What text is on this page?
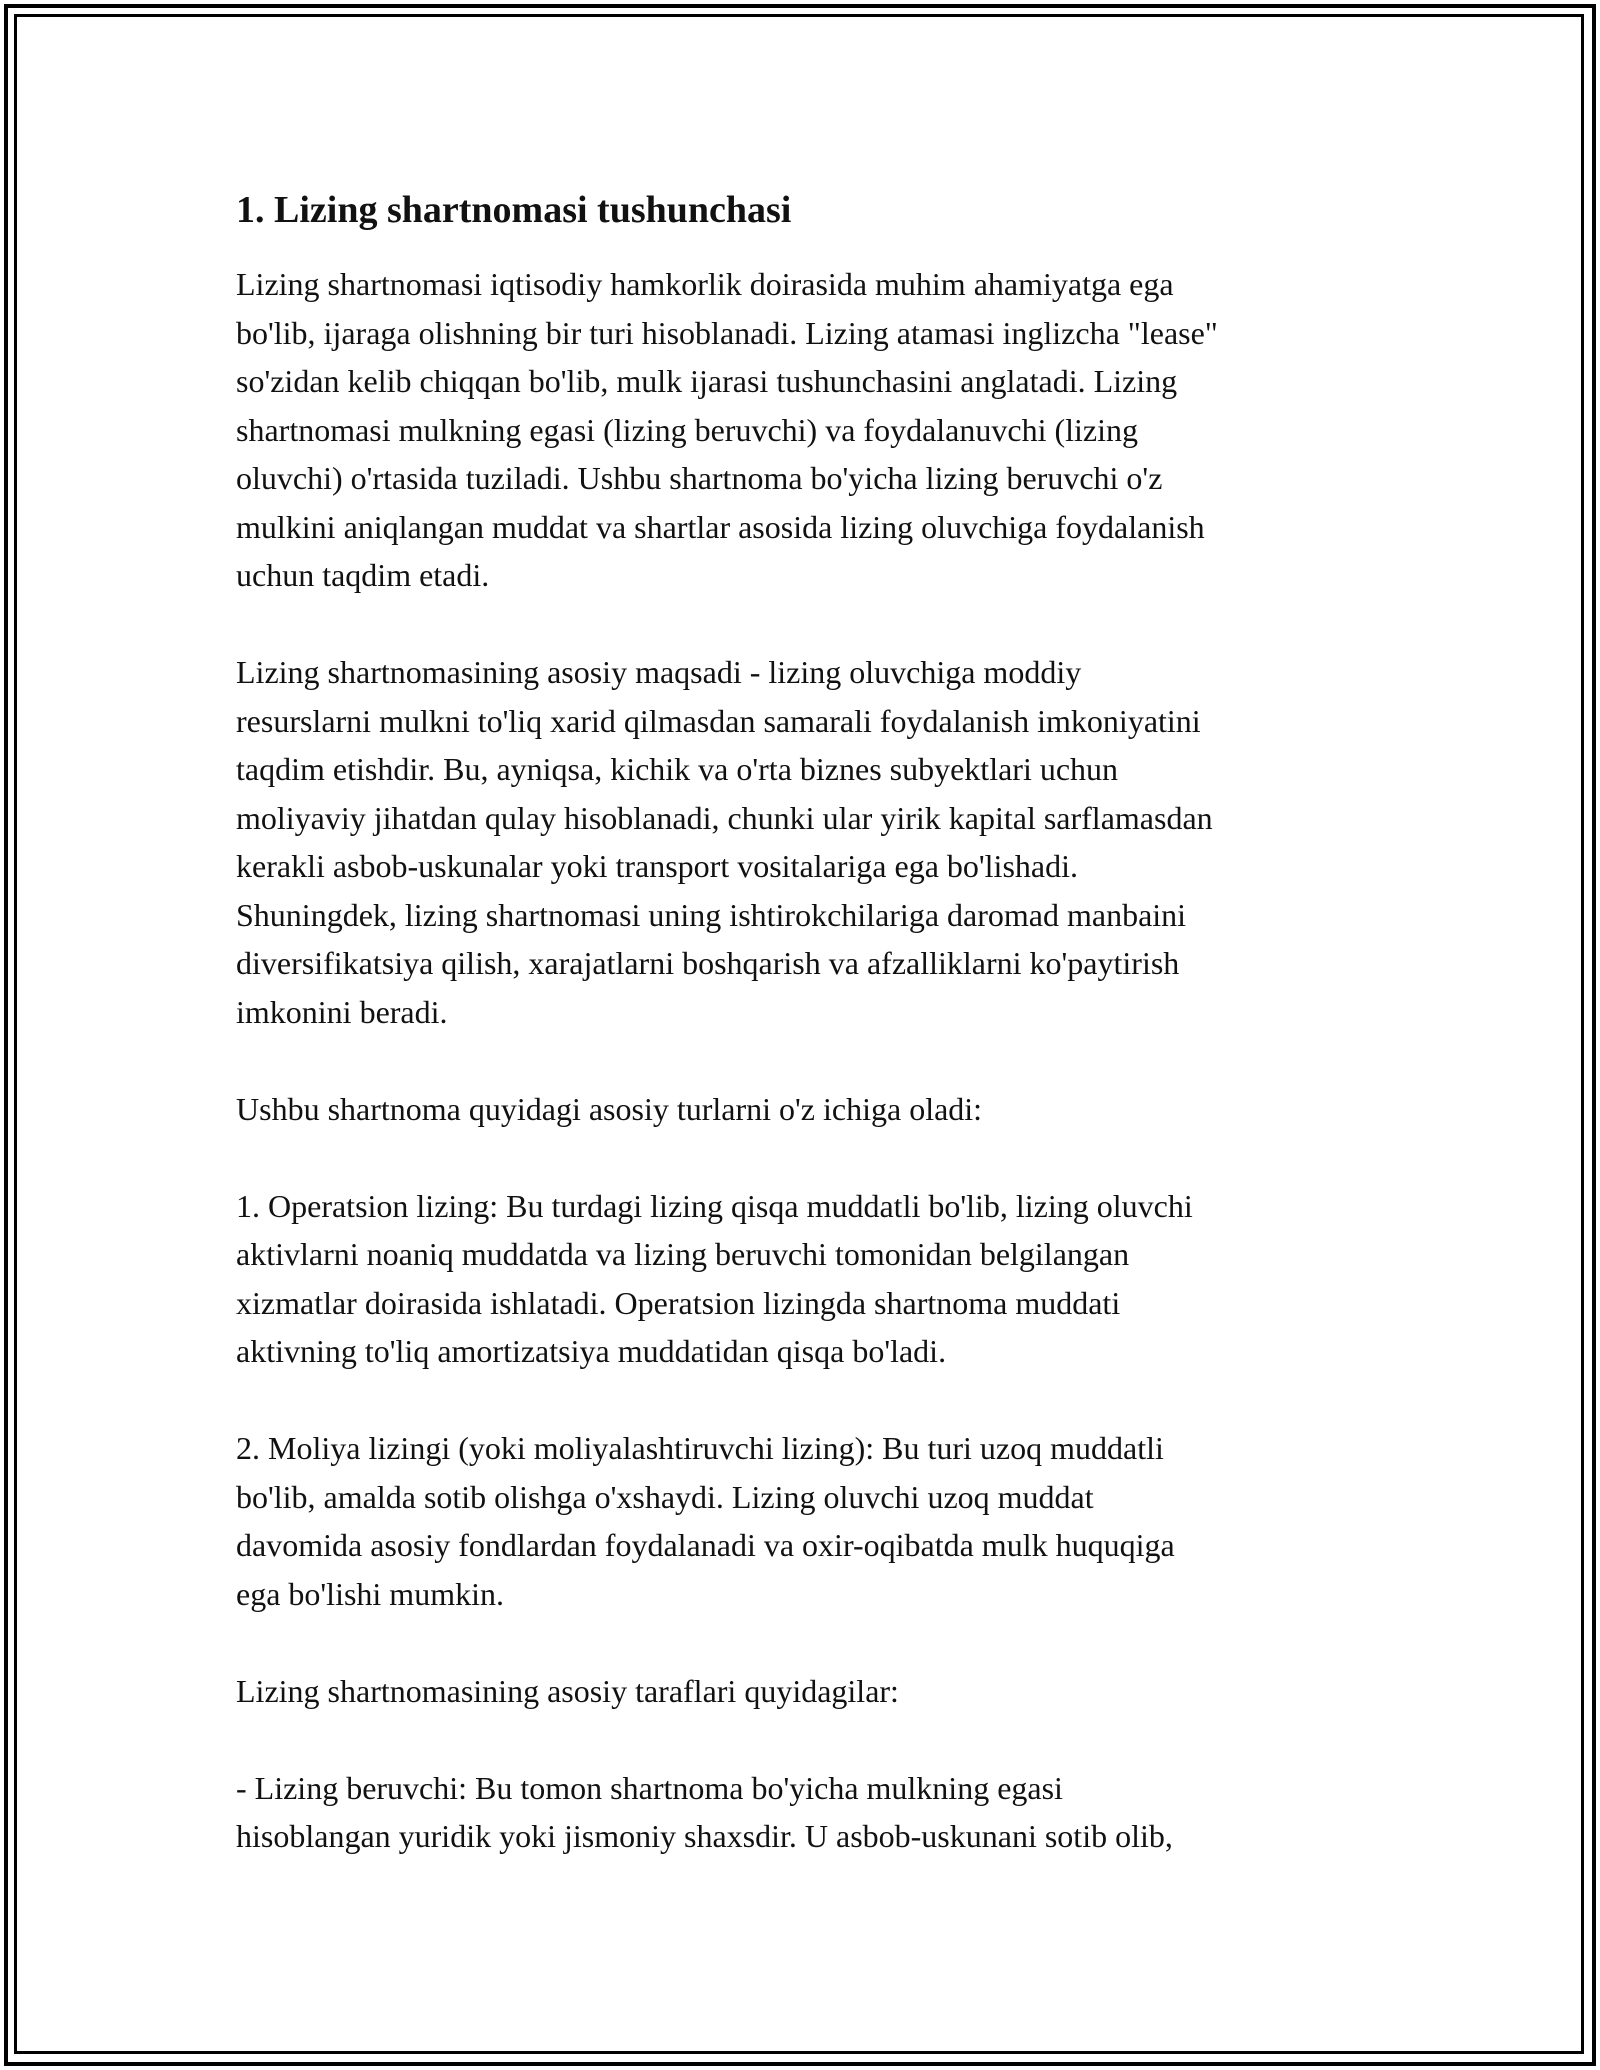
1. Lizing shartnomasi tushunchasi

Lizing shartnomasi iqtisodiy hamkorlik doirasida muhim ahamiyatga ega
bo'lib, ijaraga olishning bir turi hisoblanadi. Lizing atamasi inglizcha "lease"
so'zidan kelib chiqqan bo'lib, mulk ijarasi tushunchasini anglatadi. Lizing
shartnomasi mulkning egasi (lizing beruvchi) va foydalanuvchi (lizing
oluvchi) o'rtasida tuziladi. Ushbu shartnoma bo'yicha lizing beruvchi o'z
mulkini aniqlangan muddat va shartlar asosida lizing oluvchiga foydalanish
uchun taqdim etadi.

Lizing shartnomasining asosiy maqsadi - lizing oluvchiga moddiy
resurslarni mulkni to'liq xarid qilmasdan samarali foydalanish imkoniyatini
taqdim etishdir. Bu, ayniqsa, kichik va o'rta biznes subyektlari uchun
moliyaviy jihatdan qulay hisoblanadi, chunki ular yirik kapital sarflamasdan
kerakli asbob-uskunalar yoki transport vositalariga ega bo'lishadi.
Shuningdek, lizing shartnomasi uning ishtirokchilariga daromad manbaini
diversifikatsiya qilish, xarajatlarni boshqarish va afzalliklarni ko'paytirish
imkonini beradi.

Ushbu shartnoma quyidagi asosiy turlarni o'z ichiga oladi:

1. Operatsion lizing: Bu turdagi lizing qisqa muddatli bo'lib, lizing oluvchi
aktivlarni noaniq muddatda va lizing beruvchi tomonidan belgilangan
xizmatlar doirasida ishlatadi. Operatsion lizingda shartnoma muddati
aktivning to'liq amortizatsiya muddatidan qisqa bo'ladi.

2. Moliya lizingi (yoki moliyalashtiruvchi lizing): Bu turi uzoq muddatli
bo'lib, amalda sotib olishga o'xshaydi. Lizing oluvchi uzoq muddat
davomida asosiy fondlardan foydalanadi va oxir-oqibatda mulk huquqiga
ega bo'lishi mumkin.

Lizing shartnomasining asosiy taraflari quyidagilar:

- Lizing beruvchi: Bu tomon shartnoma bo'yicha mulkning egasi
hisoblangan yuridik yoki jismoniy shaxsdir. U asbob-uskunani sotib olib,
